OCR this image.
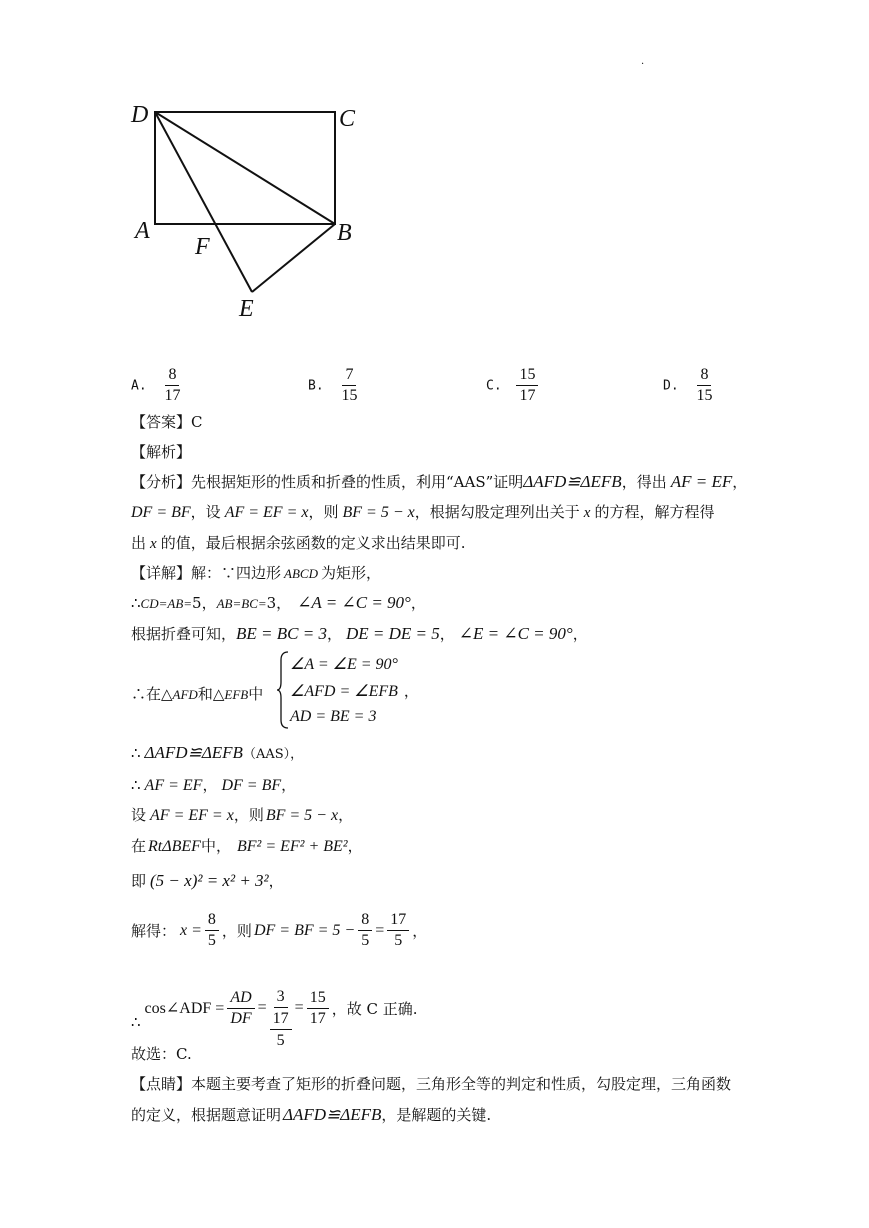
.
D	C
A	B
F
E
A. $\frac{8}{17}$	B. $\frac{7}{15}$	C. $\frac{15}{17}$	D. $\frac{8}{15}$
【答案】C
【解析】
【分析】先根据矩形的性质和折叠的性质，利用“AAS”证明ΔAFD≌ΔEFB，得出 AF = EF，
DF = BF，设 AF = EF = x，则 BF = 5 − x，根据勾股定理列出关于 x 的方程，解方程得
出 x 的值，最后根据余弦函数的定义求出结果即可.
【详解】解：∵四边形 ABCD 为矩形，
∴CD=AB=5，AB=BC=3， ∠A = ∠C = 90°，
根据折叠可知，BE = BC = 3， DE = DE = 5， ∠E = ∠C = 90°，
∴在△AFD和△EFB中
∠A = ∠E = 90°
∠AFD = ∠EFB ，
AD = BE = 3
∴ ΔAFD≌ΔEFB（AAS），
∴ AF = EF， DF = BF，
设 AF = EF = x，则 BF = 5 − x，
在 RtΔBEF中， BF² = EF² + BE²，
即 (5 − x)² = x² + 3²，
解得： $x = \frac{8}{5}$ ，则 DF = BF = $5 - \frac{8}{5} = \frac{17}{5}$ ，
∴
cos∠ADF = $\frac{AD}{DF} = 3$
17
$5 = \frac{15}{17}$ ，故 C 正确.
故选：C.
【点睛】本题主要考查了矩形的折叠问题，三角形全等的判定和性质，勾股定理，三角函数
的定义，根据题意证明 ΔAFD≌ΔEFB，是解题的关键.
